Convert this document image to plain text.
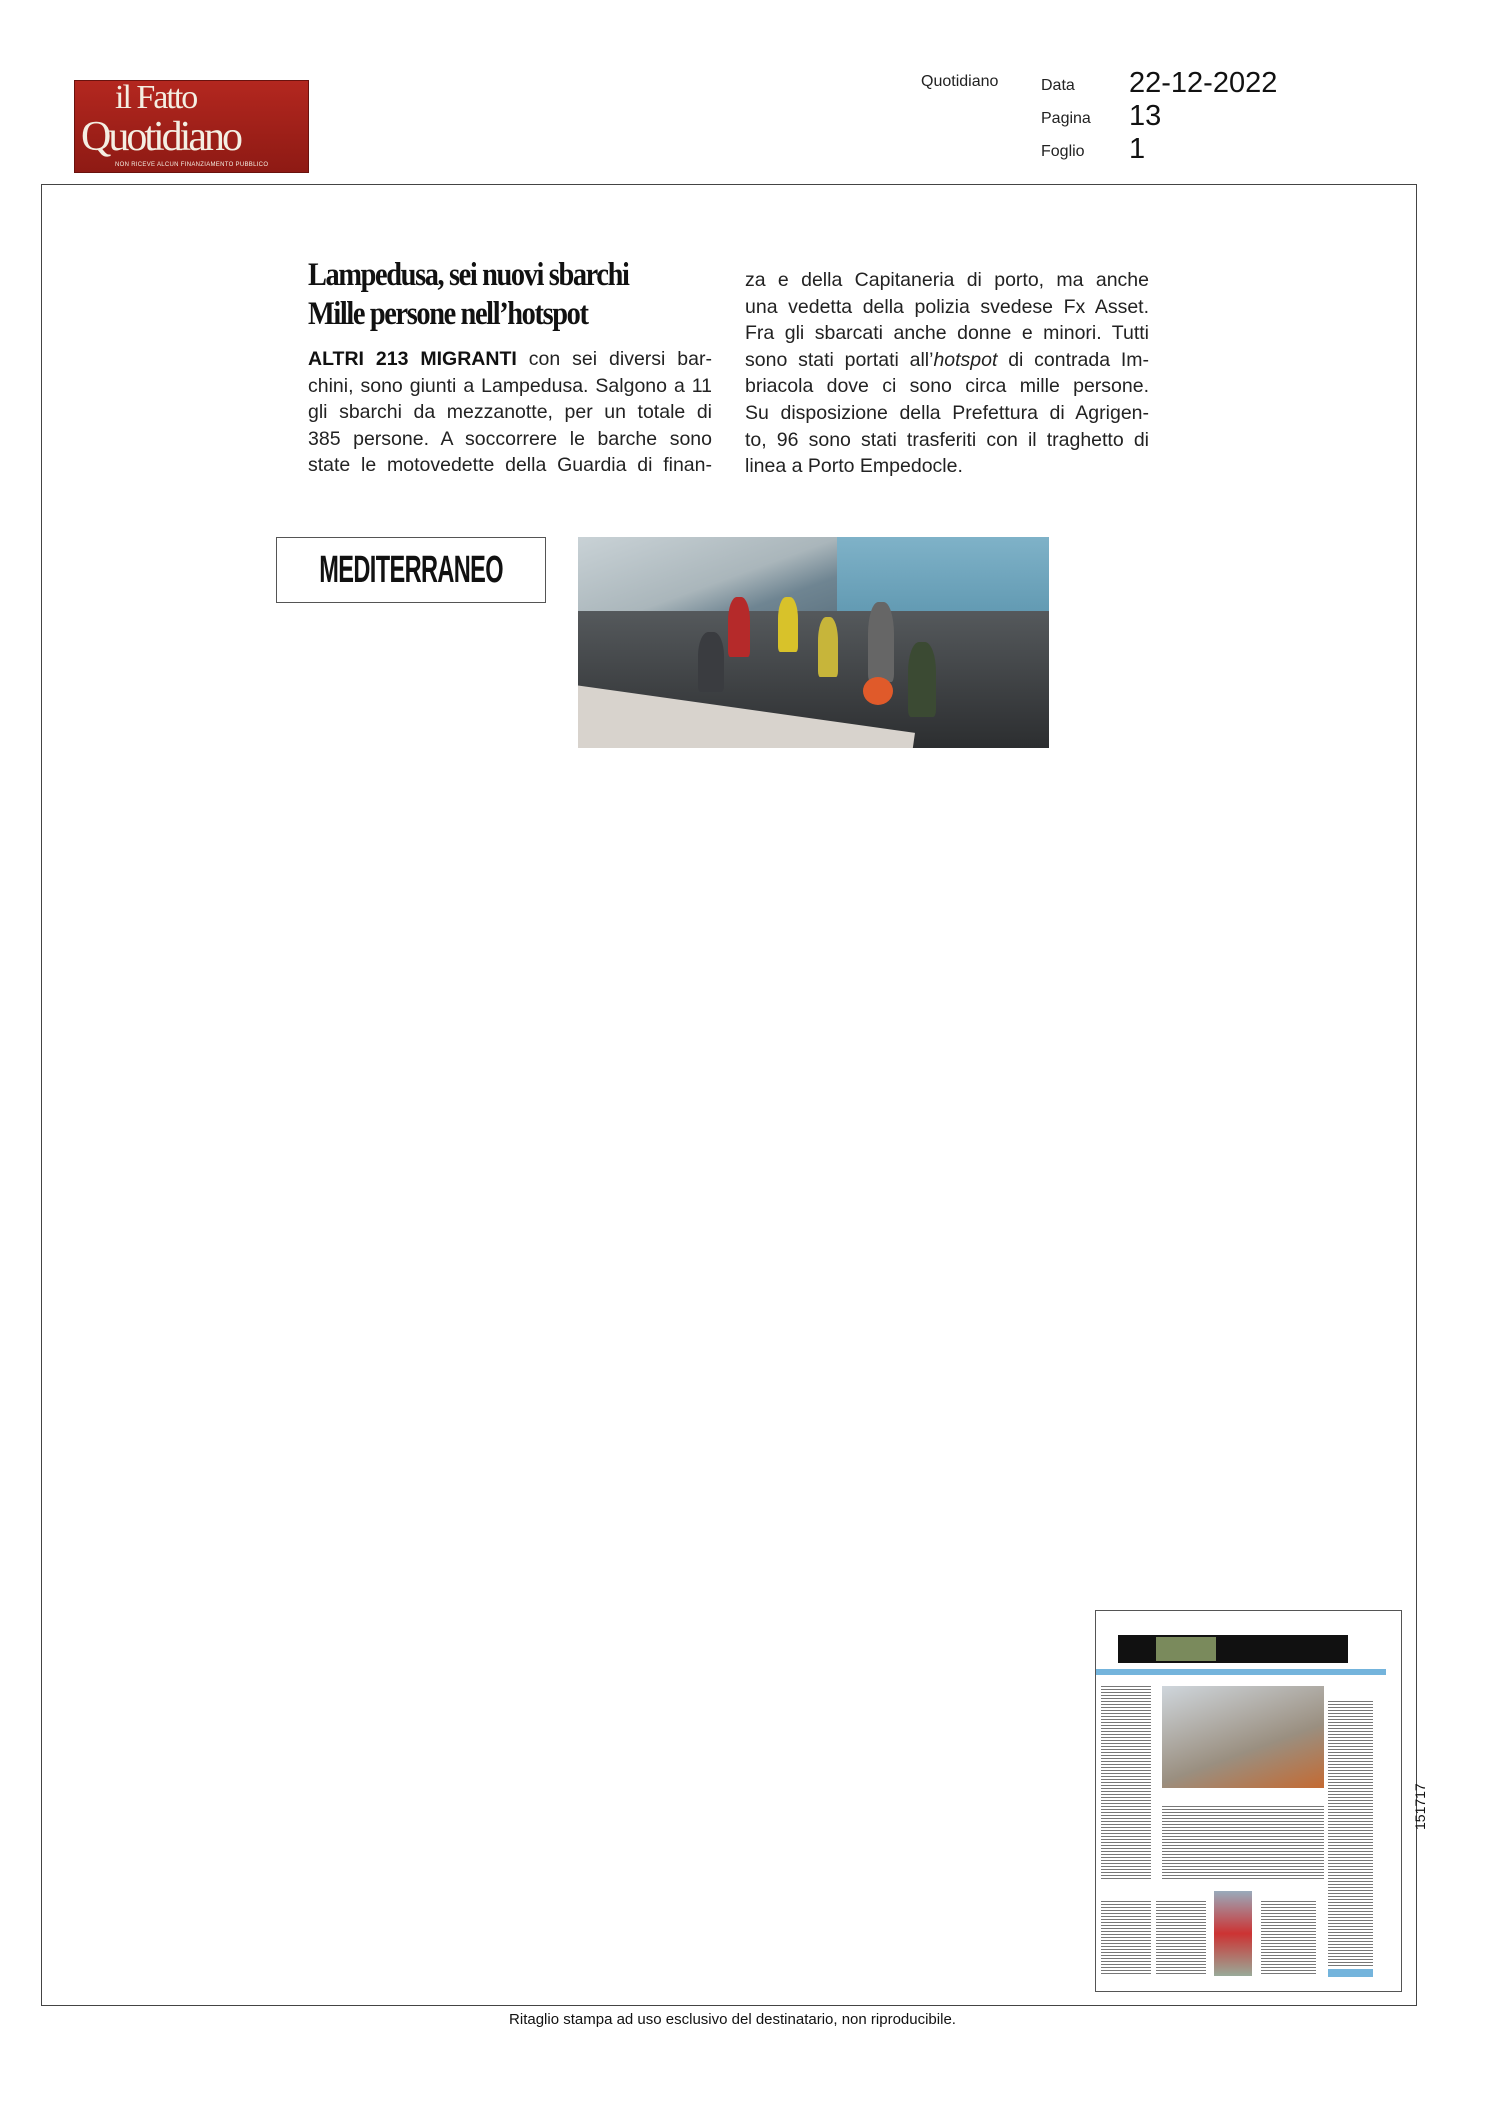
il Fatto
Quotidiano
NON RICEVE ALCUN FINANZIAMENTO PUBBLICO
Quotidiano	Data 22-12-2022
Pagina 13
Foglio 1
Lampedusa, sei nuovi sbarchi
Mille persone nell’hotspot
ALTRI 213 MIGRANTI con sei diversi bar-
chini, sono giunti a Lampedusa. Salgono a 11
gli sbarchi da mezzanotte, per un totale di
385 persone. A soccorrere le barche sono
state le motovedette della Guardia di finan-
za e della Capitaneria di porto, ma anche
una vedetta della polizia svedese Fx Asset.
Fra gli sbarcati anche donne e minori. Tutti
sono stati portati all’hotspot di contrada Im-
briacola dove ci sono circa mille persone.
Su disposizione della Prefettura di Agrigen-
to, 96 sono stati trasferiti con il traghetto di
linea a Porto Empedocle.
MEDITERRANEO
151717
Ritaglio stampa ad uso esclusivo del destinatario, non riproducibile.
